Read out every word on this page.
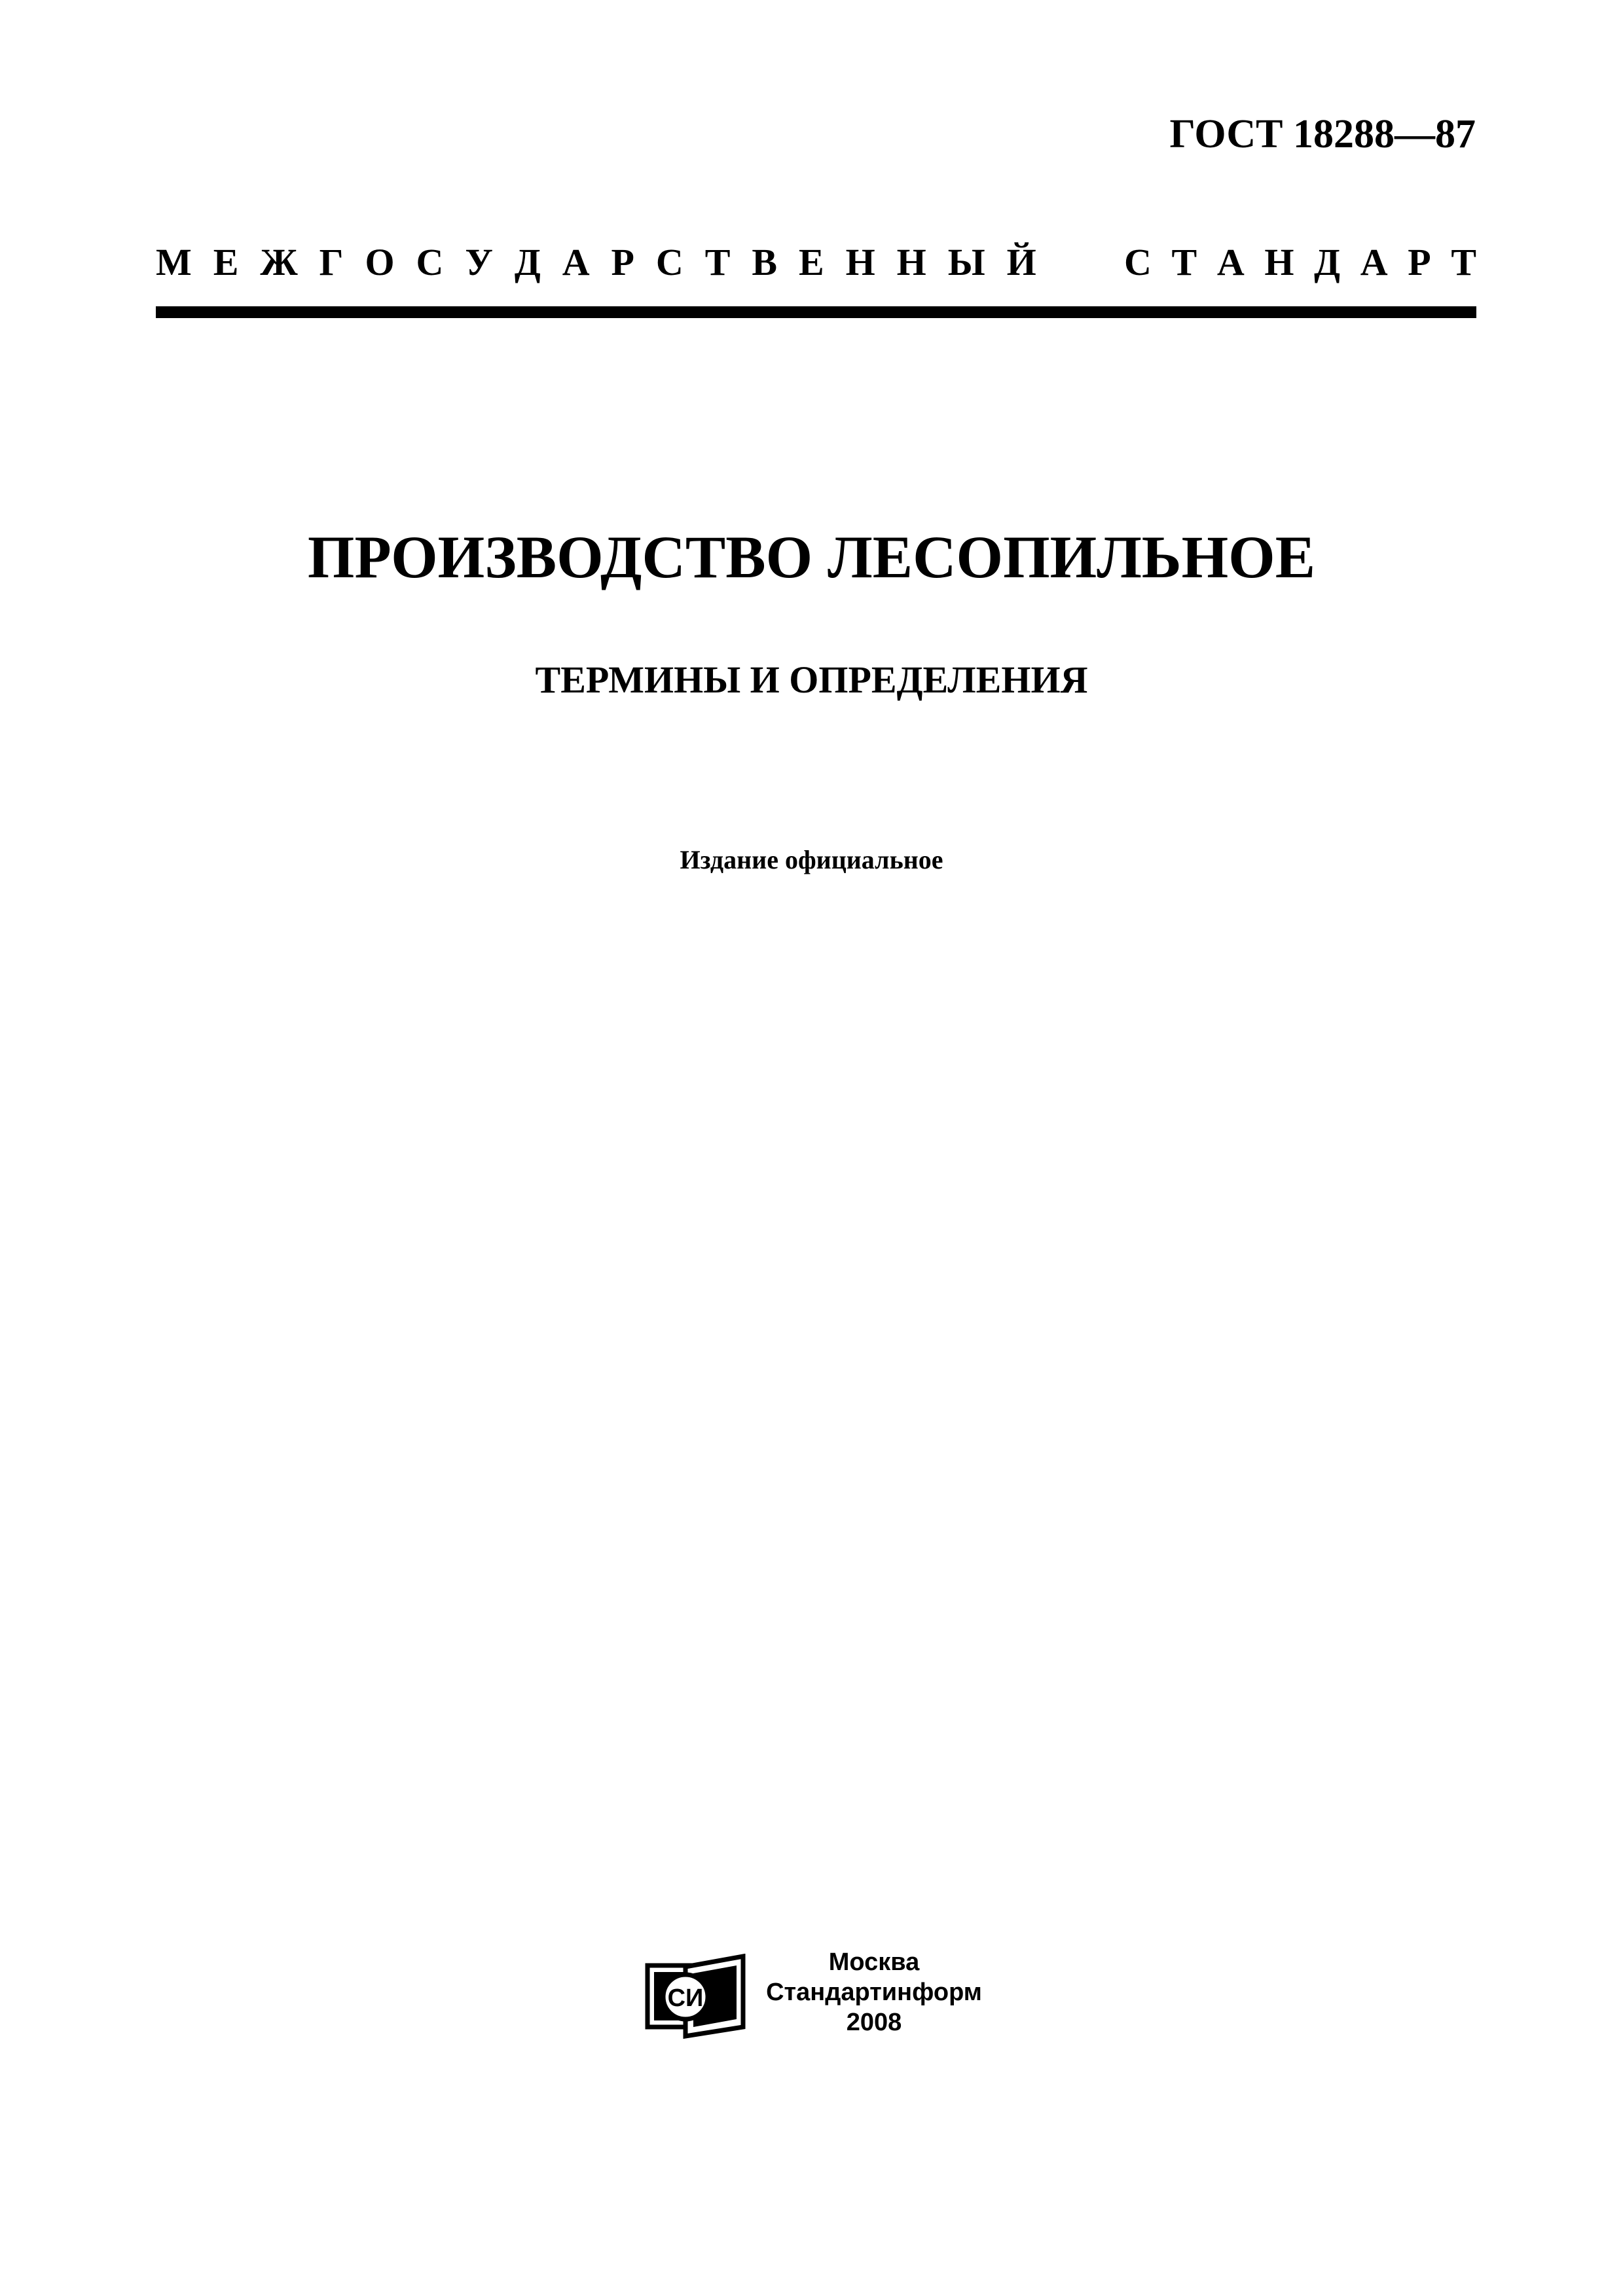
ГОСТ 18288—87
М Е Ж Г О С У Д А Р С Т В Е Н Н Ы Й С Т А Н Д А Р Т
ПРОИЗВОДСТВО ЛЕСОПИЛЬНОЕ
ТЕРМИНЫ И ОПРЕДЕЛЕНИЯ
Издание официальное
СИ
Москва
Стандартинформ
2008
